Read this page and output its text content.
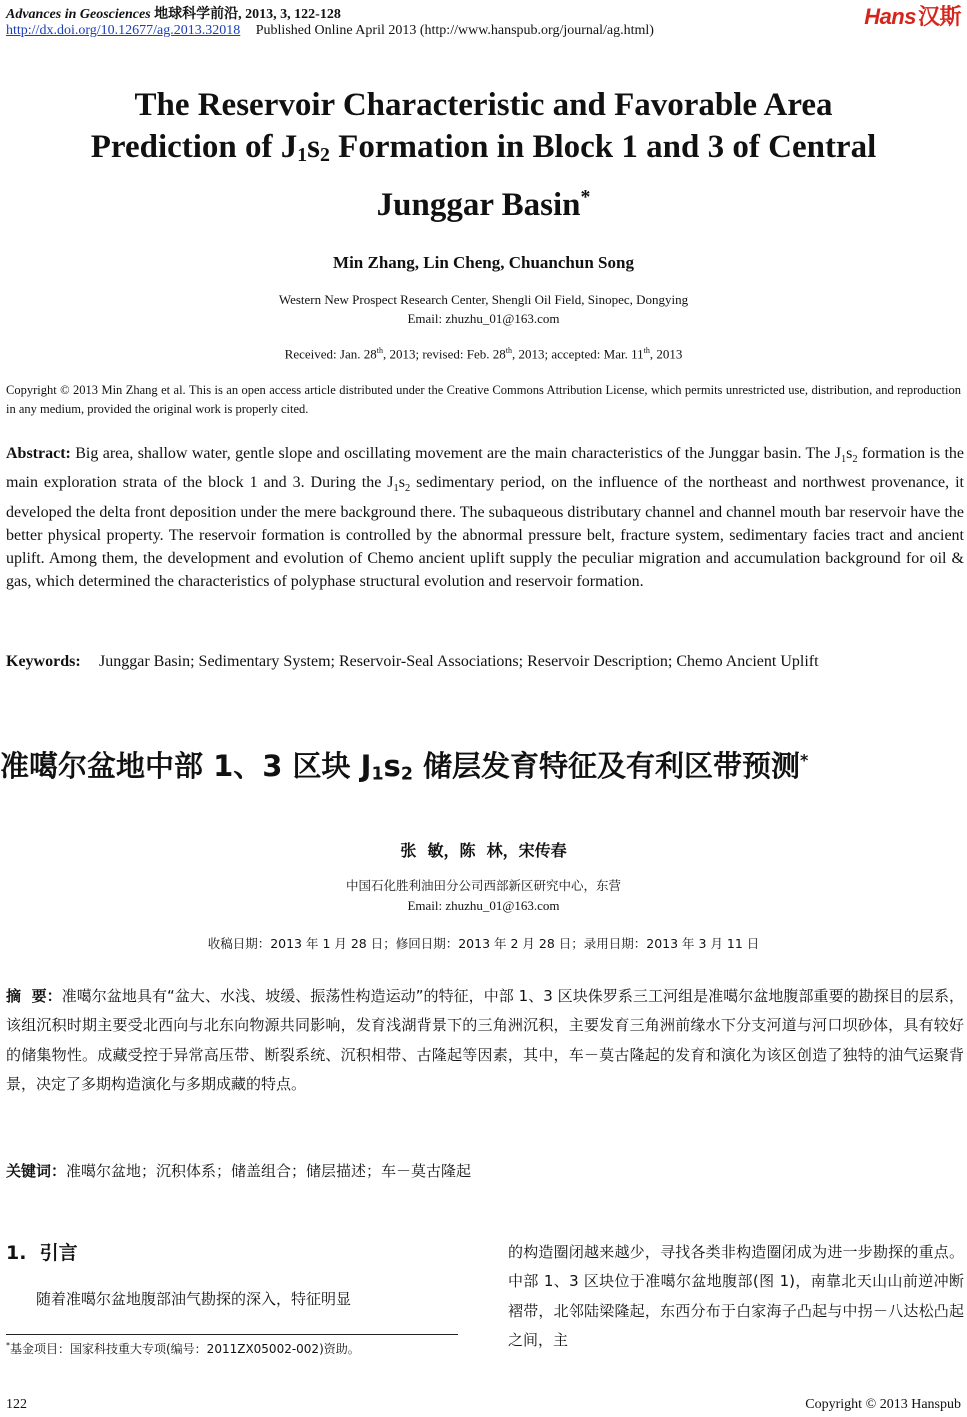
Advances in Geosciences 地球科学前沿, 2013, 3, 122-128	Hans汉斯
http://dx.doi.org/10.12677/ag.2013.32018 Published Online April 2013 (http://www.hanspub.org/journal/ag.html)
The Reservoir Characteristic and Favorable Area
Prediction of $J_1s_2$ Formation in Block 1 and 3 of Central
Junggar Basin*
Min Zhang, Lin Cheng, Chuanchun Song
Western New Prospect Research Center, Shengli Oil Field, Sinopec, Dongying
Email: zhuzhu_01@163.com
Received: Jan. 28th, 2013; revised: Feb. 28th, 2013; accepted: Mar. 11th, 2013
Copyright © 2013 Min Zhang et al. This is an open access article distributed under the Creative Commons Attribution License, which permits unrestricted use, distribution, and reproduction in any medium, provided the original work is properly cited.
Abstract: Big area, shallow water, gentle slope and oscillating movement are the main characteristics of the Junggar basin. The $J_1s_2$ formation is the main exploration strata of the block 1 and 3. During the $J_1s_2$ sedimentary period, on the influence of the northeast and northwest provenance, it developed the delta front deposition under the mere background there. The subaqueous distributary channel and channel mouth bar reservoir have the better physical property. The reservoir formation is controlled by the abnormal pressure belt, fracture system, sedimentary facies tract and ancient uplift. Among them, the development and evolution of Chemo ancient uplift supply the peculiar migration and accumulation background for oil & gas, which determined the characteristics of polyphase structural evolution and reservoir formation.
Keywords:	Junggar Basin; Sedimentary System; Reservoir-Seal Associations; Reservoir Description; Chemo Ancient Uplift
准噶尔盆地中部 1、3 区块 $J_1s_2$ 储层发育特征及有利区带预测*
张  敏，陈  林，宋传春
中国石化胜利油田分公司西部新区研究中心，东营
Email: zhuzhu_01@163.com
收稿日期：2013 年 1 月 28 日；修回日期：2013 年 2 月 28 日；录用日期：2013 年 3 月 11 日
摘  要：准噶尔盆地具有“盆大、水浅、坡缓、振荡性构造运动”的特征，中部 1、3 区块侏罗系三工河组是准噶尔盆地腹部重要的勘探目的层系，该组沉积时期主要受北西向与北东向物源共同影响，发育浅湖背景下的三角洲沉积，主要发育三角洲前缘水下分支河道与河口坝砂体，具有较好的储集物性。成藏受控于异常高压带、断裂系统、沉积相带、古隆起等因素，其中，车－莫古隆起的发育和演化为该区创造了独特的油气运聚背景，决定了多期构造演化与多期成藏的特点。
关键词：准噶尔盆地；沉积体系；储盖组合；储层描述；车－莫古隆起
1.  引言
随着准噶尔盆地腹部油气勘探的深入，特征明显
的构造圈闭越来越少，寻找各类非构造圈闭成为进一步勘探的重点。中部 1、3 区块位于准噶尔盆地腹部(图 1)，南靠北天山山前逆冲断褶带，北邻陆梁隆起，东西分布于白家海子凸起与中拐－八达松凸起之间，主
*基金项目：国家科技重大专项(编号：2011ZX05002-002)资助。
122	Copyright © 2013 Hanspub
